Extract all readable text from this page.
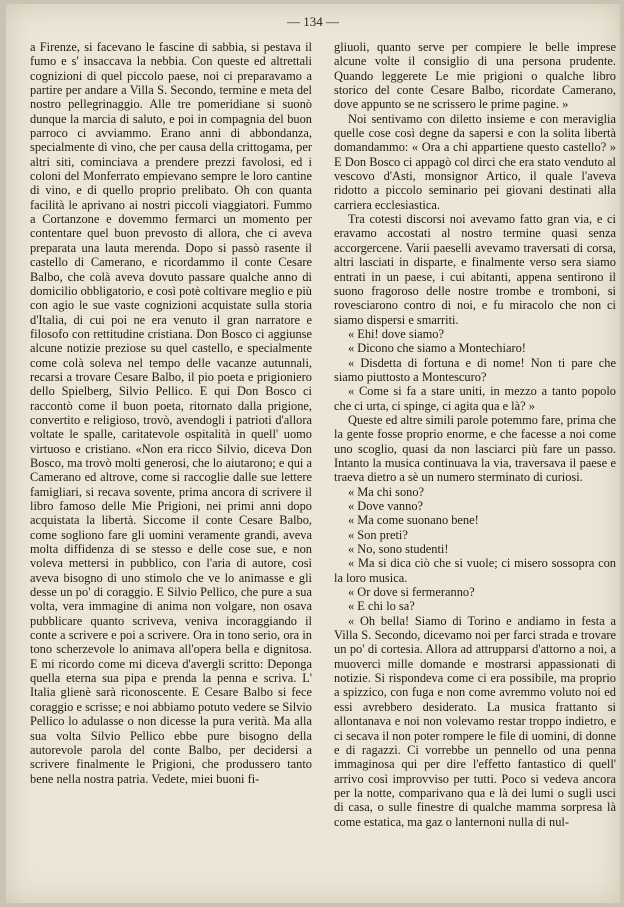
— 134 —

a Firenze, si facevano le fascine di sabbia, si pestava il fumo e s' insaccava la nebbia. Con queste ed altrettali cognizioni di quel piccolo paese, noi ci preparavamo a partire per andare a Villa S. Secondo, termine e meta del nostro pellegrinaggio. Alle tre pomeridiane si suonò dunque la marcia di saluto, e poi in compagnia del buon parroco ci avviammo. Erano anni di abbondanza, specialmente di vino, che per causa della crittogama, per altri siti, cominciava a prendere prezzi favolosi, ed i coloni del Monferrato empievano sempre le loro cantine di vino, e di quello proprio prelibato. Oh con quanta facilità le aprivano ai nostri piccoli viaggiatori. Fummo a Cortanzone e dovemmo fermarci un momento per contentare quel buon prevosto di allora, che ci aveva preparata una lauta merenda. Dopo si passò rasente il castello di Camerano, e ricordammo il conte Cesare Balbo, che colà aveva dovuto passare qualche anno di domicilio obbligatorio, e così potè coltivare meglio e più con agio le sue vaste cognizioni acquistate sulla storia d'Italia, di cui poi ne era venuto il gran narratore e filosofo con rettitudine cristiana. Don Bosco ci aggiunse alcune notizie preziose su quel castello, e specialmente come colà soleva nel tempo delle vacanze autunnali, recarsi a trovare Cesare Balbo, il pio poeta e prigioniero dello Spielberg, Silvio Pellico. E qui Don Bosco ci raccontò come il buon poeta, ritornato dalla prigione, convertito e religioso, trovò, avendogli i patrioti d'allora voltate le spalle, caritatevole ospitalità in quell' uomo virtuoso e cristiano. «Non era ricco Silvio, diceva Don Bosco, ma trovò molti generosi, che lo aiutarono; e qui a Camerano ed altrove, come si raccoglie dalle sue lettere famigliari, si recava sovente, prima ancora di scrivere il libro famoso delle Mie Prigioni, nei primi anni dopo acquistata la libertà. Siccome il conte Cesare Balbo, come sogliono fare gli uomini veramente grandi, aveva molta diffidenza di se stesso e delle cose sue, e non voleva mettersi in pubblico, con l'aria di autore, così aveva bisogno di uno stimolo che ve lo animasse e gli desse un po' di coraggio. E Silvio Pellico, che pure a sua volta, vera immagine di anima non volgare, non osava pubblicare quanto scriveva, veniva incoraggiando il conte a scrivere e poi a scrivere. Ora in tono serio, ora in tono scherzevole lo animava all'opera bella e dignitosa. E mi ricordo come mi diceva d'avergli scritto: Deponga quella eterna sua pipa e prenda la penna e scriva. L' Italia glienè sarà riconoscente. E Cesare Balbo si fece coraggio e scrisse; e noi abbiamo potuto vedere se Silvio Pellico lo adulasse o non dicesse la pura verità. Ma alla sua volta Silvio Pellico ebbe pure bisogno della autorevole parola del conte Balbo, per decidersi a scrivere finalmente le Prigioni, che produssero tanto bene nella nostra patria. Vedete, miei buoni fi-

gliuoli, quanto serve per compiere le belle imprese alcune volte il consiglio di una persona prudente. Quando leggerete Le mie prigioni o qualche libro storico del conte Cesare Balbo, ricordate Camerano, dove appunto se ne scrissero le prime pagine. »

Noi sentivamo con diletto insieme e con meraviglia quelle cose così degne da sapersi e con la solita libertà domandammo: « Ora a chi appartiene questo castello? » E Don Bosco ci appagò col dirci che era stato venduto al vescovo d'Asti, monsignor Artico, il quale l'aveva ridotto a piccolo seminario pei giovani destinati alla carriera ecclesiastica.

Tra cotesti discorsi noi avevamo fatto gran via, e ci eravamo accostati al nostro termine quasi senza accorgercene. Varii paeselli avevamo traversati di corsa, altri lasciati in disparte, e finalmente verso sera siamo entrati in un paese, i cui abitanti, appena sentirono il suono fragoroso delle nostre trombe e tromboni, si rovesciarono contro di noi, e fu miracolo che non ci siamo dispersi e smarriti.

« Ehi! dove siamo?

« Dicono che siamo a Montechiaro!

« Disdetta di fortuna e di nome! Non ti pare che siamo piuttosto a Montescuro?

« Come si fa a stare uniti, in mezzo a tanto popolo che ci urta, ci spinge, ci agita qua e là? »

Queste ed altre simili parole potemmo fare, prima che la gente fosse proprio enorme, e che facesse a noi come uno scoglio, quasi da non lasciarci più fare un passo. Intanto la musica continuava la via, traversava il paese e traeva dietro a sè un numero sterminato di curiosi.

« Ma chi sono?

« Dove vanno?

« Ma come suonano bene!

« Son preti?

« No, sono studenti!

« Ma si dica ciò che si vuole; ci misero sossopra con la loro musica.

« Or dove si fermeranno?

« E chi lo sa?

« Oh bella! Siamo di Torino e andiamo in festa a Villa S. Secondo, dicevamo noi per farci strada e trovare un po' di cortesia. Allora ad attrupparsi d'attorno a noi, a muoverci mille domande e mostrarsi appassionati di notizie. Si rispondeva come ci era possibile, ma proprio a spizzico, con fuga e non come avremmo voluto noi ed essi avrebbero desiderato. La musica frattanto si allontanava e noi non volevamo restar troppo indietro, e ci secava il non poter rompere le file di uomini, di donne e di ragazzi. Ci vorrebbe un pennello od una penna immaginosa qui per dire l'effetto fantastico di quell' arrivo così improvviso per tutti. Poco si vedeva ancora per la notte, comparivano qua e là dei lumi o sugli usci di casa, o sulle finestre di qualche mamma sorpresa là come estatica, ma gaz o lanternoni nulla di nul-
